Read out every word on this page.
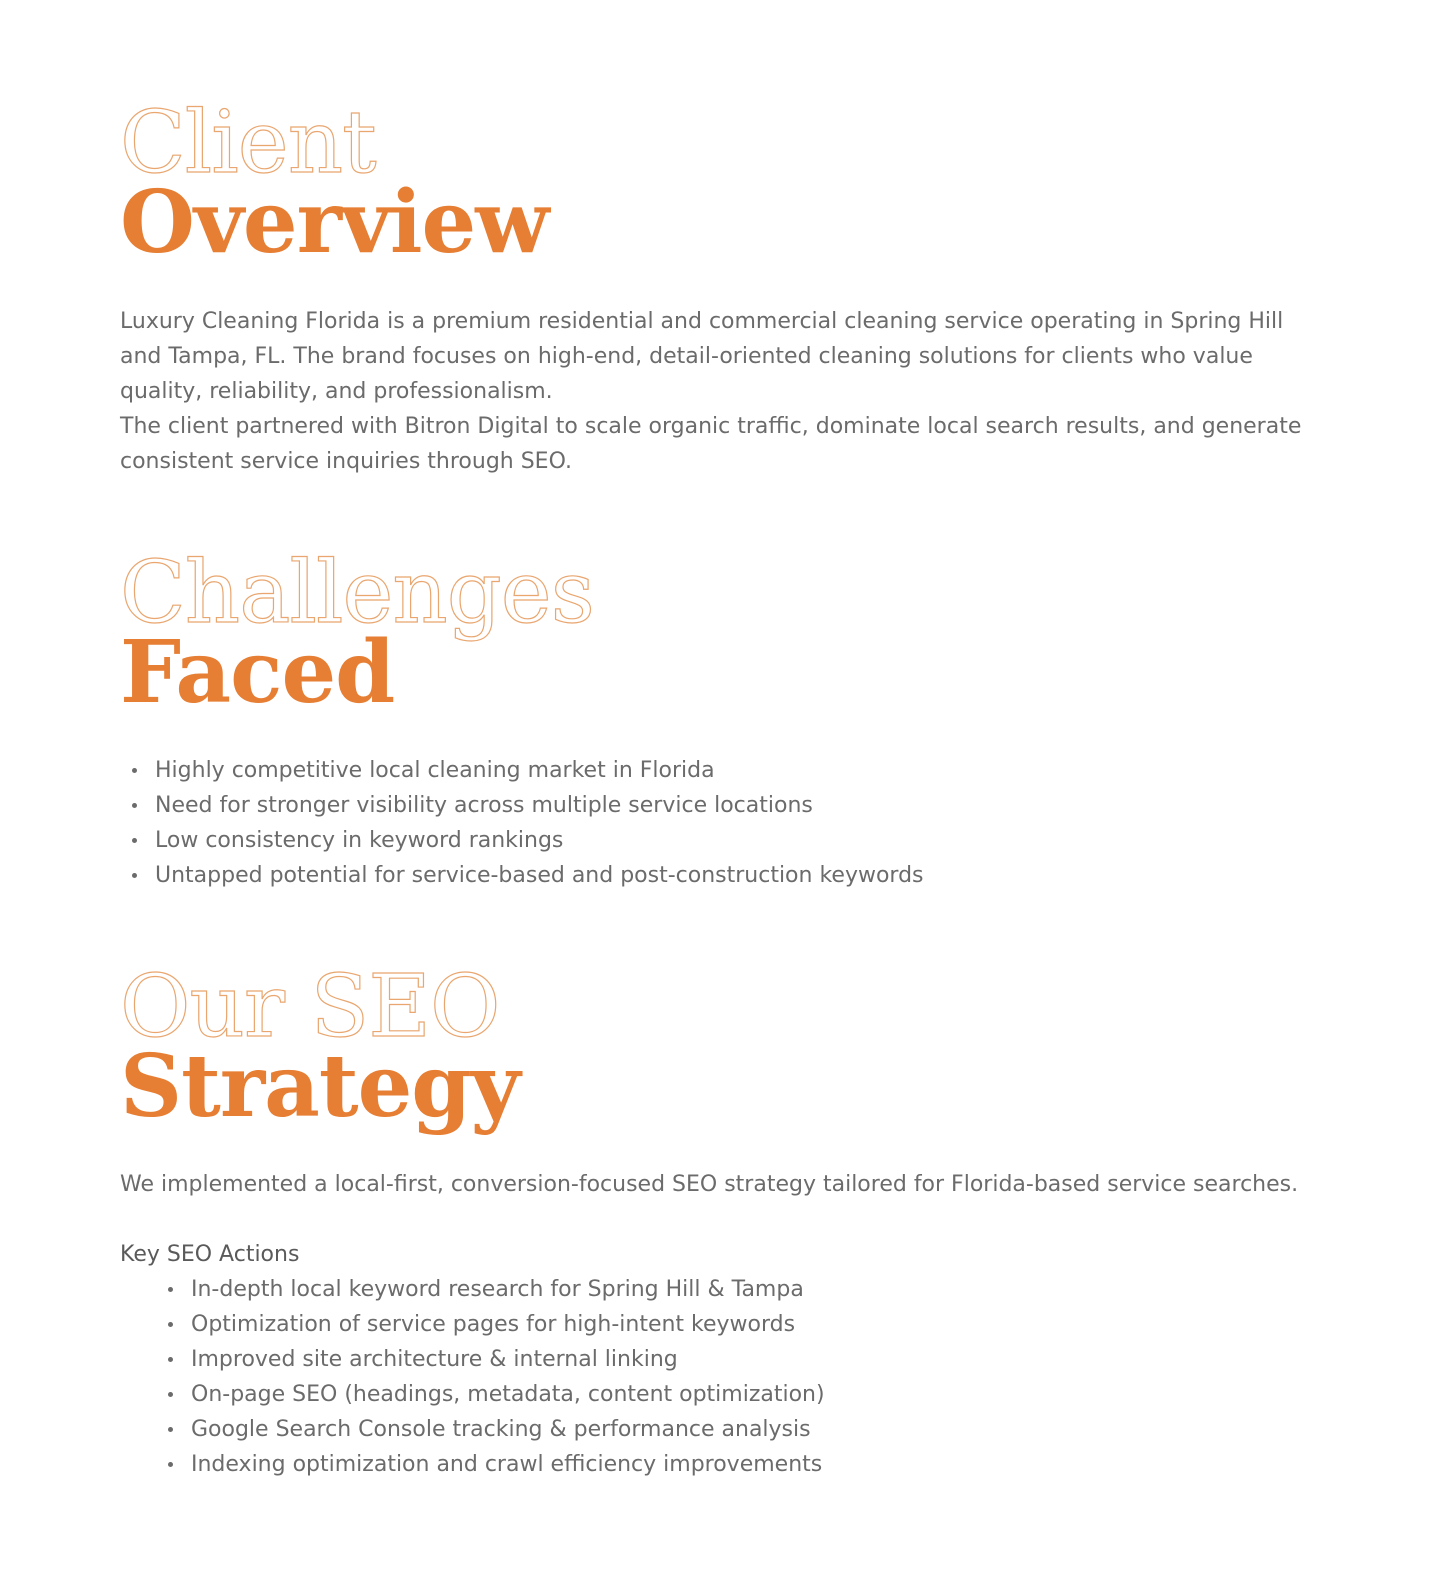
Client
Overview

Luxury Cleaning Florida is a premium residential and commercial cleaning service operating in Spring Hill and Tampa, FL. The brand focuses on high-end, detail-oriented cleaning solutions for clients who value quality, reliability, and professionalism.

The client partnered with Bitron Digital to scale organic traffic, dominate local search results, and generate consistent service inquiries through SEO.

Challenges
Faced
Highly competitive local cleaning market in Florida
Need for stronger visibility across multiple service locations
Low consistency in keyword rankings
Untapped potential for service-based and post-construction keywords
Our SEO
Strategy

We implemented a local-first, conversion-focused SEO strategy tailored for Florida-based service searches.

Key SEO Actions

In-depth local keyword research for Spring Hill & Tampa
Optimization of service pages for high-intent keywords
Improved site architecture & internal linking
On-page SEO (headings, metadata, content optimization)
Google Search Console tracking & performance analysis
Indexing optimization and crawl efficiency improvements
